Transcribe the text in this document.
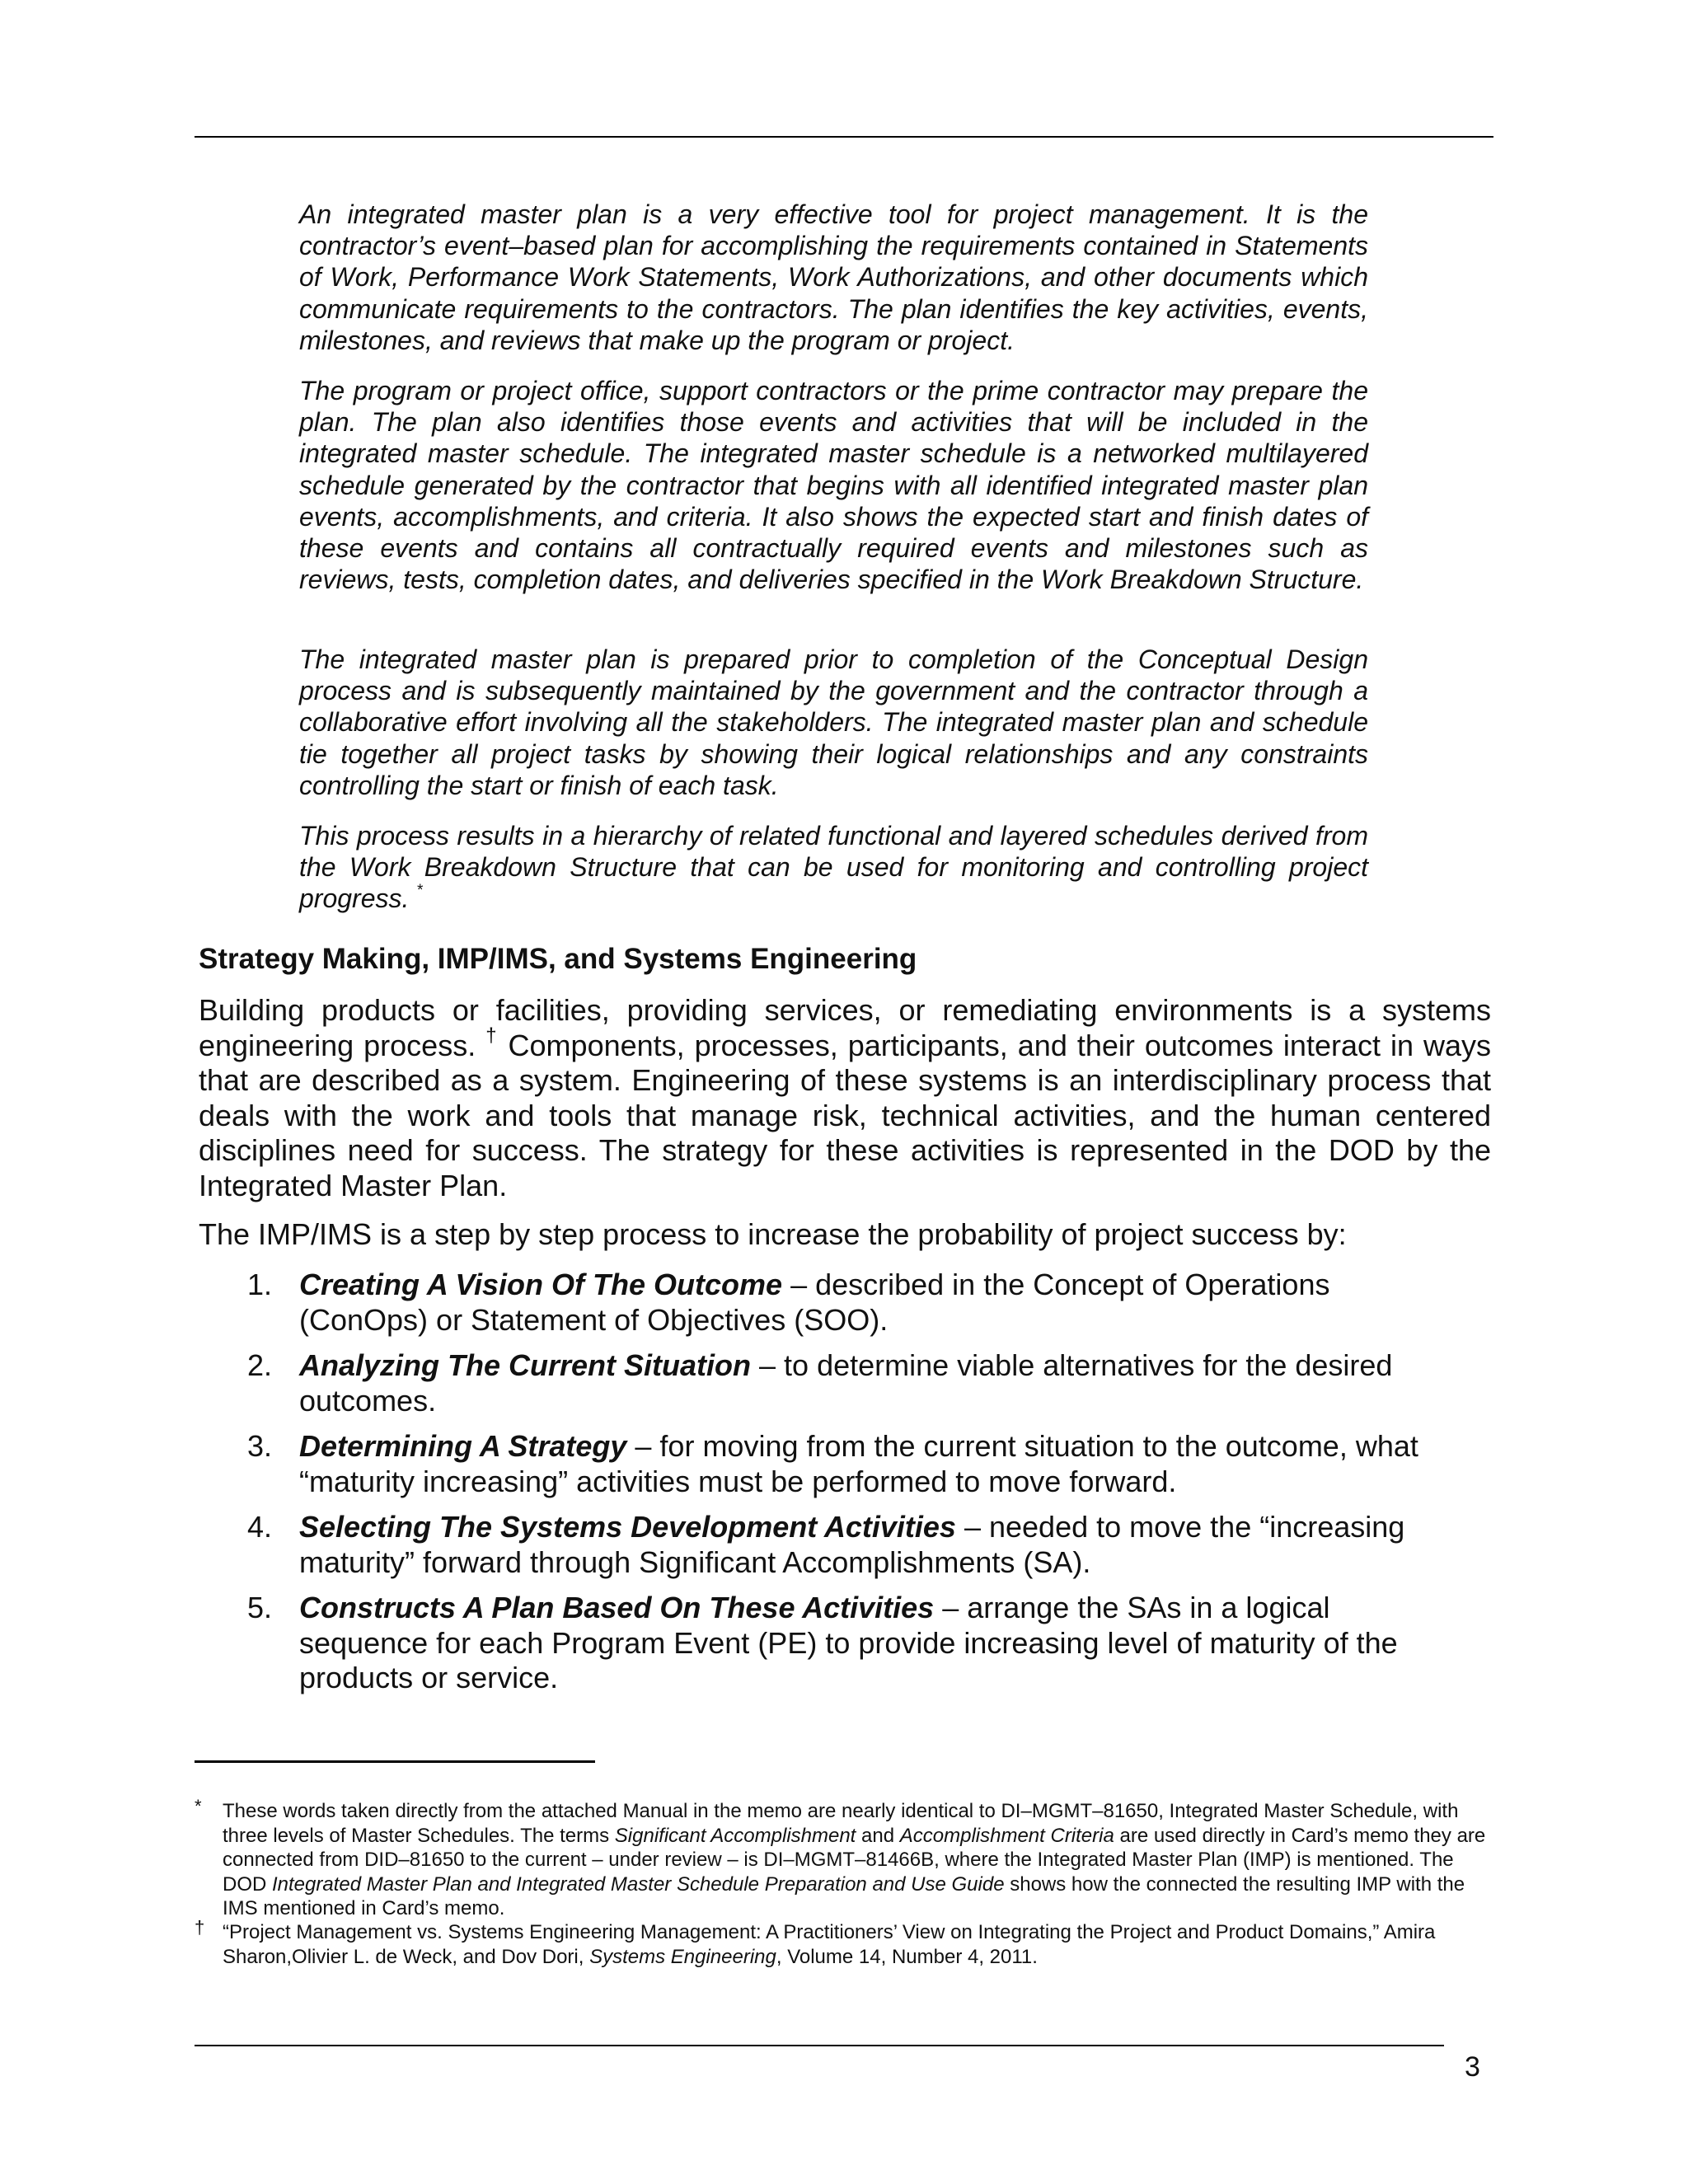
An integrated master plan is a very effective tool for project management. It is the contractor’s event–based plan for accomplishing the requirements contained in Statements of Work, Performance Work Statements, Work Authorizations, and other documents which communicate requirements to the contractors. The plan identifies the key activities, events, milestones, and reviews that make up the program or project.

The program or project office, support contractors or the prime contractor may prepare the plan. The plan also identifies those events and activities that will be included in the integrated master schedule. The integrated master schedule is a networked multilayered schedule generated by the contractor that begins with all identified integrated master plan events, accomplishments, and criteria. It also shows the expected start and finish dates of these events and contains all contractually required events and milestones such as reviews, tests, completion dates, and deliveries specified in the Work Breakdown Structure.

The integrated master plan is prepared prior to completion of the Conceptual Design process and is subsequently maintained by the government and the contractor through a collaborative effort involving all the stakeholders. The integrated master plan and schedule tie together all project tasks by showing their logical relationships and any constraints controlling the start or finish of each task.

This process results in a hierarchy of related functional and layered schedules derived from the Work Breakdown Structure that can be used for monitoring and controlling project progress. *

Strategy Making, IMP/IMS, and Systems Engineering

Building products or facilities, providing services, or remediating environments is a systems engineering process. † Components, processes, participants, and their outcomes interact in ways that are described as a system. Engineering of these systems is an interdisciplinary process that deals with the work and tools that manage risk, technical activities, and the human centered disciplines need for success. The strategy for these activities is represented in the DOD by the Integrated Master Plan.

The IMP/IMS is a step by step process to increase the probability of project success by:

1. Creating A Vision Of The Outcome – described in the Concept of Operations (ConOps) or Statement of Objectives (SOO).
2. Analyzing The Current Situation – to determine viable alternatives for the desired outcomes.
3. Determining A Strategy – for moving from the current situation to the outcome, what “maturity increasing” activities must be performed to move forward.
4. Selecting The Systems Development Activities – needed to move the “increasing maturity” forward through Significant Accomplishments (SA).
5. Constructs A Plan Based On These Activities – arrange the SAs in a logical sequence for each Program Event (PE) to provide increasing level of maturity of the products or service.
* These words taken directly from the attached Manual in the memo are nearly identical to DI–MGMT–81650, Integrated Master Schedule, with three levels of Master Schedules. The terms Significant Accomplishment and Accomplishment Criteria are used directly in Card’s memo they are connected from DID–81650 to the current – under review – is DI–MGMT–81466B, where the Integrated Master Plan (IMP) is mentioned. The DOD Integrated Master Plan and Integrated Master Schedule Preparation and Use Guide shows how the connected the resulting IMP with the IMS mentioned in Card’s memo.
† “Project Management vs. Systems Engineering Management: A Practitioners’ View on Integrating the Project and Product Domains,” Amira Sharon,Olivier L. de Weck, and Dov Dori, Systems Engineering, Volume 14, Number 4, 2011.
3
